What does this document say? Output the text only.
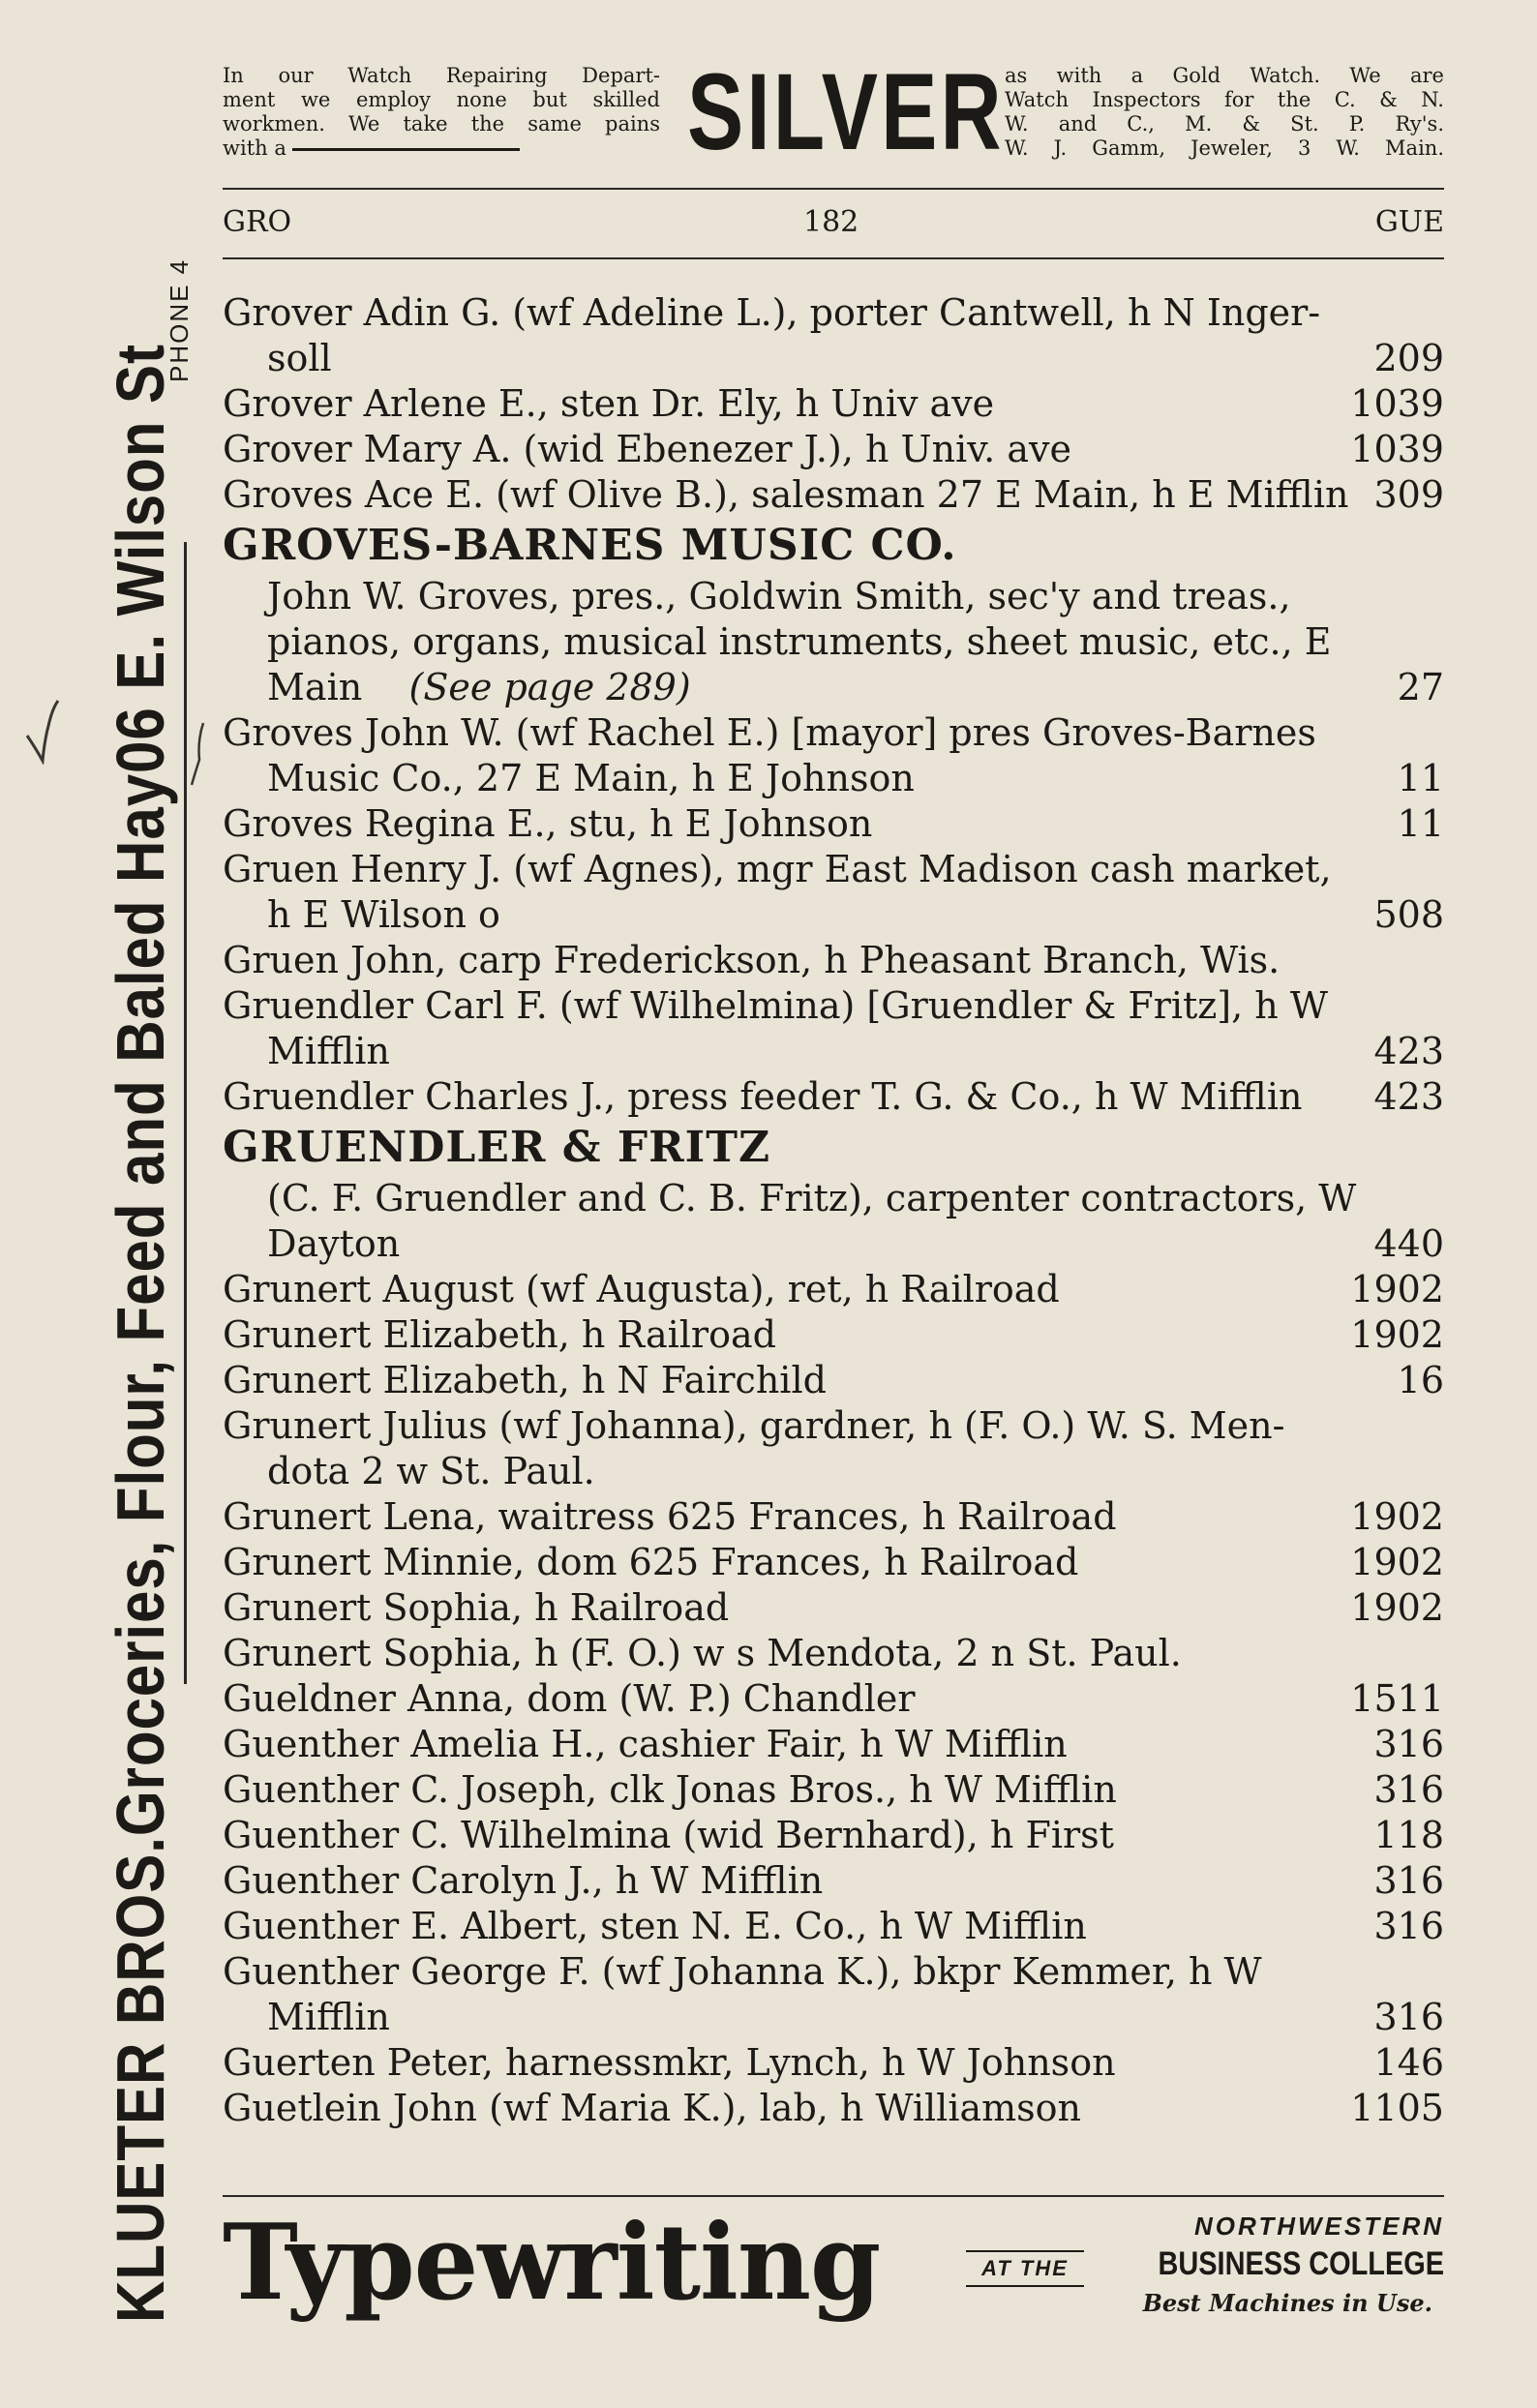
KLUETER BROS.
Groceries, Flour, Feed and Baled Hay
06 E. Wilson St
PHONE 4
In our Watch Repairing Depart-
ment we employ none but skilled
workmen. We take the same pains
with a	SILVER as with a Gold Watch. We are
Watch Inspectors for the C. & N.
W. and C., M. & St. P. Ry's.
W. J. Gamm, Jeweler, 3 W. Main.
GRO	182	GUE
Grover Adin G. (wf Adeline L.), porter Cantwell, h N Inger-soll	209
Grover Arlene E., sten Dr. Ely, h Univ ave	1039
Grover Mary A. (wid Ebenezer J.), h Univ. ave	1039
Groves Ace E. (wf Olive B.), salesman 27 E Main, h E Mifflin 309
GROVES-BARNES MUSIC CO.
John W. Groves, pres., Goldwin Smith, sec'y and treas., pianos, organs, musical instruments, sheet music, etc., E Main (See page 289)	27
Groves John W. (wf Rachel E.) [mayor] pres Groves-Barnes Music Co., 27 E Main, h E Johnson	11
Groves Regina E., stu, h E Johnson	11
Gruen Henry J. (wf Agnes), mgr East Madison cash market, h E Wilson o	508
Gruen John, carp Frederickson, h Pheasant Branch, Wis.
Gruendler Carl F. (wf Wilhelmina) [Gruendler & Fritz], h W Mifflin	423
Gruendler Charles J., press feeder T. G. & Co., h W Mifflin	423
GRUENDLER & FRITZ
(C. F. Gruendler and C. B. Fritz), carpenter contractors, W Dayton	440
Grunert August (wf Augusta), ret, h Railroad	1902
Grunert Elizabeth, h Railroad	1902
Grunert Elizabeth, h N Fairchild	16
Grunert Julius (wf Johanna), gardner, h (F. O.) W. S. Men-dota 2 w St. Paul.
Grunert Lena, waitress 625 Frances, h Railroad	1902
Grunert Minnie, dom 625 Frances, h Railroad	1902
Grunert Sophia, h Railroad	1902
Grunert Sophia, h (F. O.) w s Mendota, 2 n St. Paul.
Gueldner Anna, dom (W. P.) Chandler	1511
Guenther Amelia H., cashier Fair, h W Mifflin	316
Guenther C. Joseph, clk Jonas Bros., h W Mifflin	316
Guenther C. Wilhelmina (wid Bernhard), h First	118
Guenther Carolyn J., h W Mifflin	316
Guenther E. Albert, sten N. E. Co., h W Mifflin	316
Guenther George F. (wf Johanna K.), bkpr Kemmer, h W Mifflin	316
Guerten Peter, harnessmkr, Lynch, h W Johnson	146
Guetlein John (wf Maria K.), lab, h Williamson	1105
Typewriting	AT THE
NORTHWESTERN
BUSINESS COLLEGE
Best Machines in Use.
